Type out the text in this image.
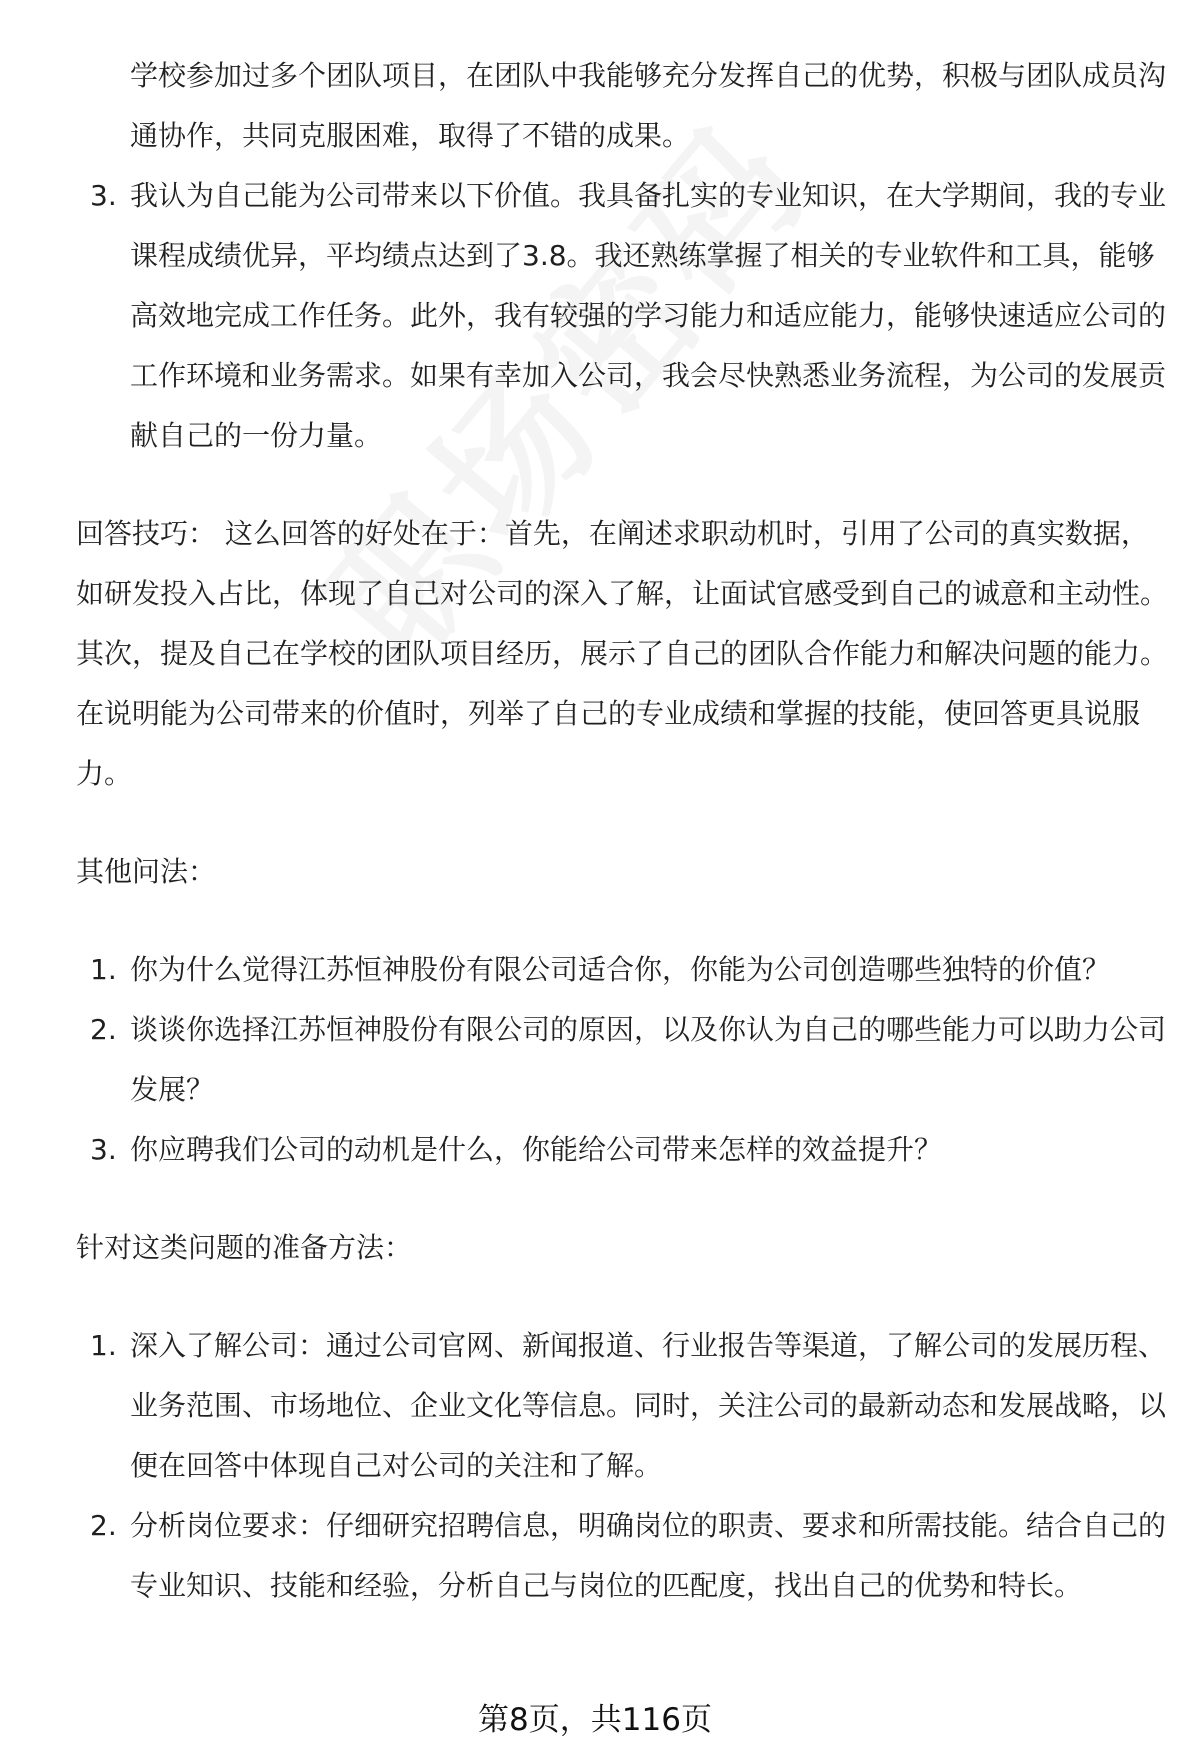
学校参加过多个团队项目，在团队中我能够充分发挥自己的优势，积极与团队成员沟通协作，共同克服困难，取得了不错的成果。
3. 我认为自己能为公司带来以下价值。我具备扎实的专业知识，在大学期间，我的专业课程成绩优异，平均绩点达到了3.8。我还熟练掌握了相关的专业软件和工具，能够高效地完成工作任务。此外，我有较强的学习能力和适应能力，能够快速适应公司的工作环境和业务需求。如果有幸加入公司，我会尽快熟悉业务流程，为公司的发展贡献自己的一份力量。
回答技巧： 这么回答的好处在于：首先，在阐述求职动机时，引用了公司的真实数据，如研发投入占比，体现了自己对公司的深入了解，让面试官感受到自己的诚意和主动性。其次，提及自己在学校的团队项目经历，展示了自己的团队合作能力和解决问题的能力。在说明能为公司带来的价值时，列举了自己的专业成绩和掌握的技能，使回答更具说服力。
其他问法：
1. 你为什么觉得江苏恒神股份有限公司适合你，你能为公司创造哪些独特的价值？
2. 谈谈你选择江苏恒神股份有限公司的原因，以及你认为自己的哪些能力可以助力公司发展？
3. 你应聘我们公司的动机是什么，你能给公司带来怎样的效益提升？
针对这类问题的准备方法：
1. 深入了解公司：通过公司官网、新闻报道、行业报告等渠道，了解公司的发展历程、业务范围、市场地位、企业文化等信息。同时，关注公司的最新动态和发展战略，以便在回答中体现自己对公司的关注和了解。
2. 分析岗位要求：仔细研究招聘信息，明确岗位的职责、要求和所需技能。结合自己的专业知识、技能和经验，分析自己与岗位的匹配度，找出自己的优势和特长。
第8页，共116页
